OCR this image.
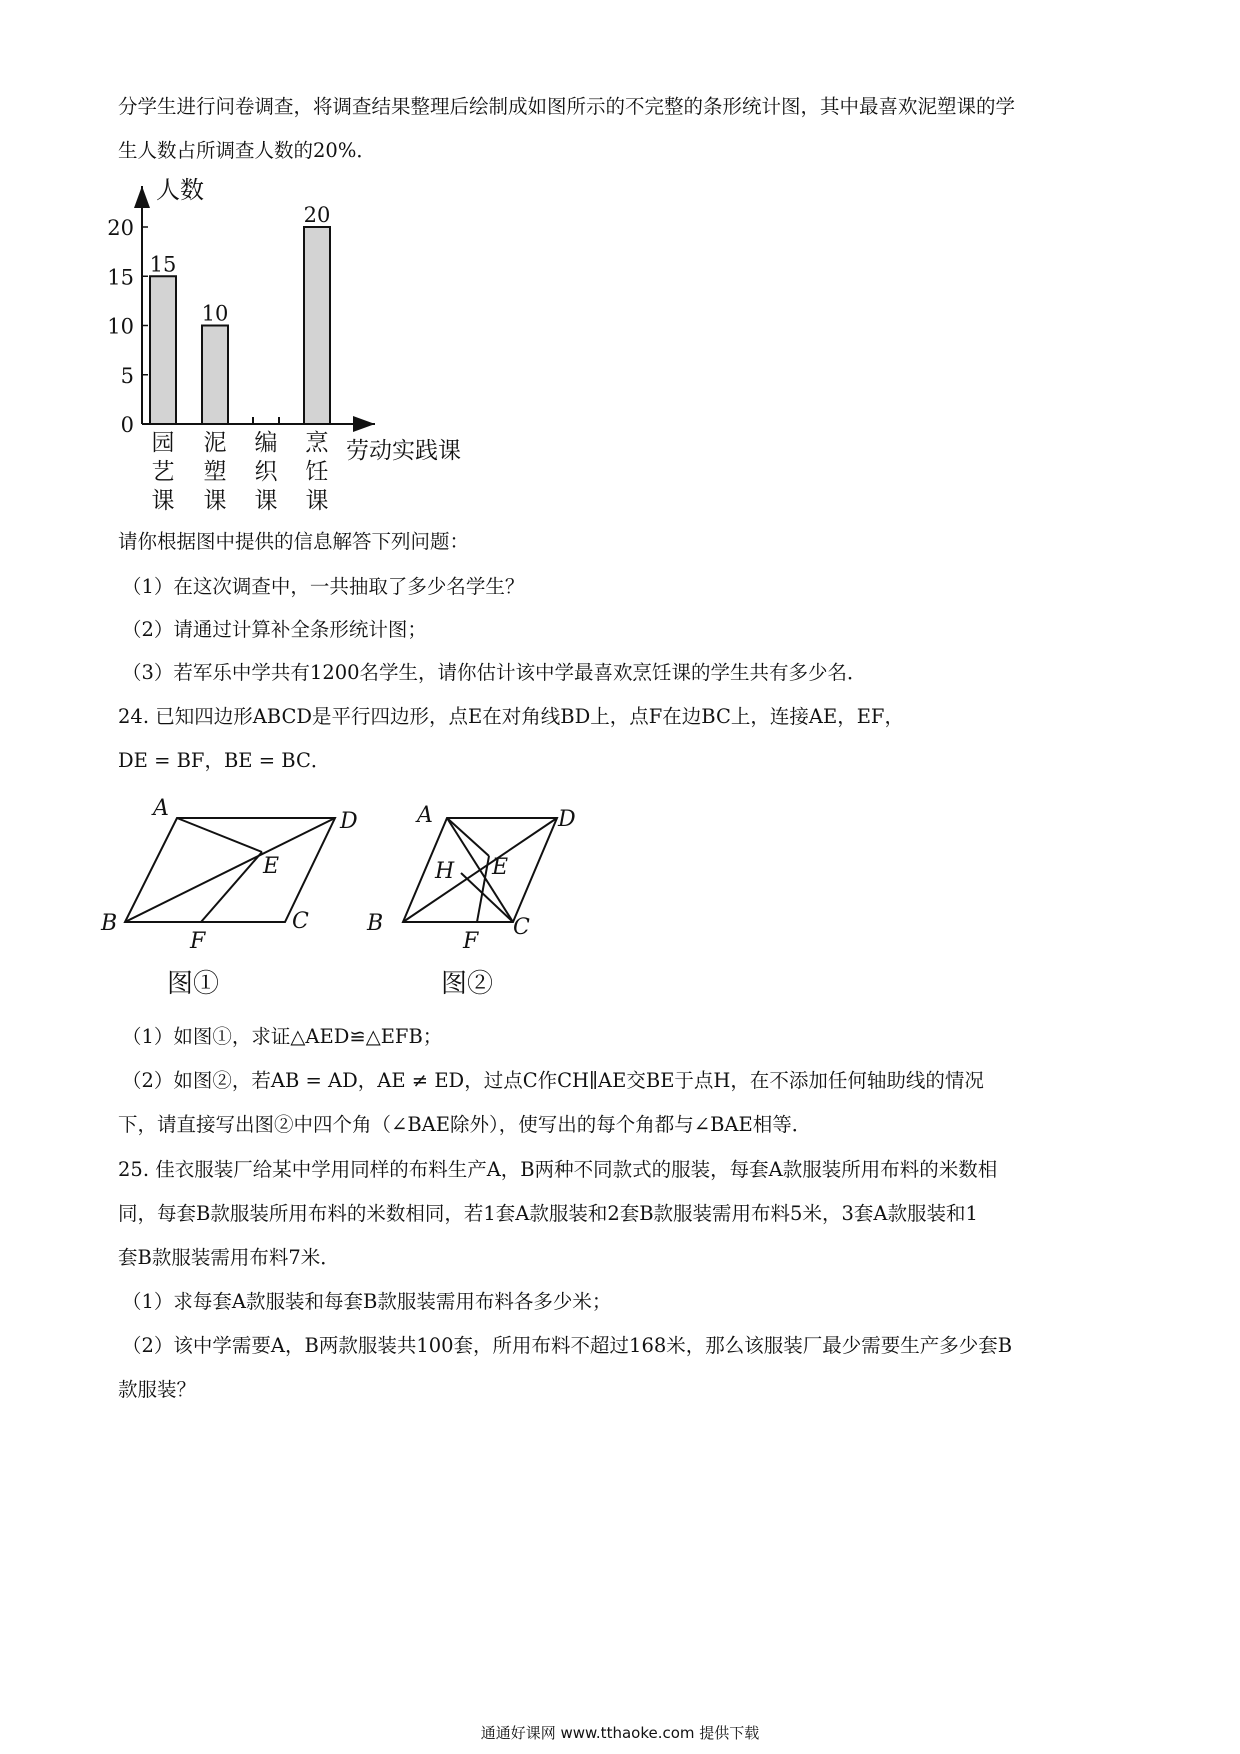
分学生进行问卷调查，将调查结果整理后绘制成如图所示的不完整的条形统计图，其中最喜欢泥塑课的学
生人数占所调查人数的20%．
人数
劳动实践课
0
5
10
15
20
15
10
20
园
艺
课
泥
塑
课
编
织
课
烹
饪
课
请你根据图中提供的信息解答下列问题：
（1）在这次调查中，一共抽取了多少名学生？
（2）请通过计算补全条形统计图；
（3）若军乐中学共有1200名学生，请你估计该中学最喜欢烹饪课的学生共有多少名．
24. 已知四边形ABCD是平行四边形，点E在对角线BD上，点F在边BC上，连接AE，EF，
DE = BF，BE = BC．
A
D
E
B
F
C
图①
A	D
H E
B
F
C
图②
（1）如图①，求证△AED≌△EFB；
（2）如图②，若AB = AD，AE ≠ ED，过点C作CH∥AE交BE于点H，在不添加任何轴助线的情况
下，请直接写出图②中四个角（∠BAE除外），使写出的每个角都与∠BAE相等．
25. 佳衣服装厂给某中学用同样的布料生产A，B两种不同款式的服装，每套A款服装所用布料的米数相
同，每套B款服装所用布料的米数相同，若1套A款服装和2套B款服装需用布料5米，3套A款服装和1
套B款服装需用布料7米．
（1）求每套A款服装和每套B款服装需用布料各多少米；
（2）该中学需要A，B两款服装共100套，所用布料不超过168米，那么该服装厂最少需要生产多少套B
款服装？
通通好课网 www.tthaoke.com 提供下载
